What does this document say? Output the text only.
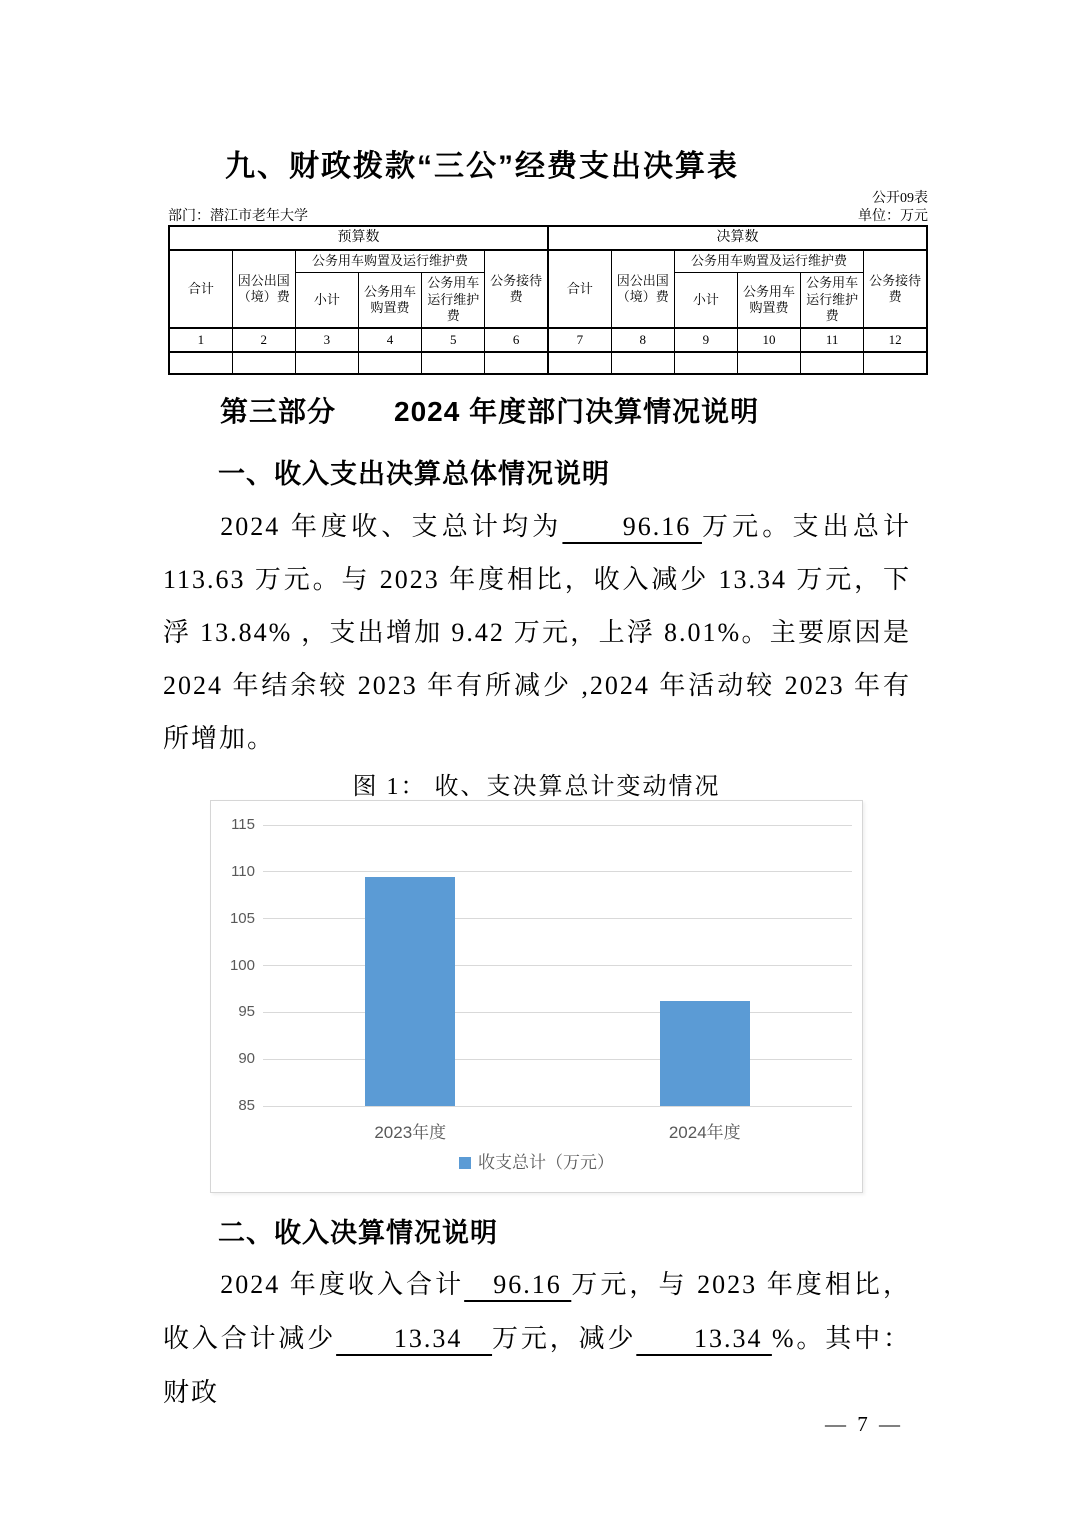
九、财政拨款“三公”经费支出决算表
公开09表
部门：潜江市老年大学	单位：万元
预算数						决算数					
合计	因公出国（境）费	公务用车购置及运行维护费			公务接待费	合计	因公出国（境）费	公务用车购置及运行维护费			公务接待费
		小计	公务用车购置费	公务用车运行维护费				小计	公务用车购置费	公务用车运行维护费	
1	2	3	4	5	6	7	8	9	10	11	12

第三部分　　2024 年度部门决算情况说明
一、收入支出决算总体情况说明
2024 年度收、支总计均为　　96.16 万元。支出总计 113.63 万元。与 2023 年度相比，收入减少 13.34 万元，下浮 13.84% ，支出增加 9.42 万元，上浮 8.01%。主要原因是 2024 年结余较 2023 年有所减少 ,2024 年活动较 2023 年有所增加。
图 1： 收、支决算总计变动情况
85
90
95
100
105
110
115
2023年度	2024年度
收支总计（万元）
二、收入决算情况说明
2024 年度收入合计　96.16 万元，与 2023 年度相比，收入合计减少　　13.34　万元，减少　　13.34 %。其中：财政
— 7 —
